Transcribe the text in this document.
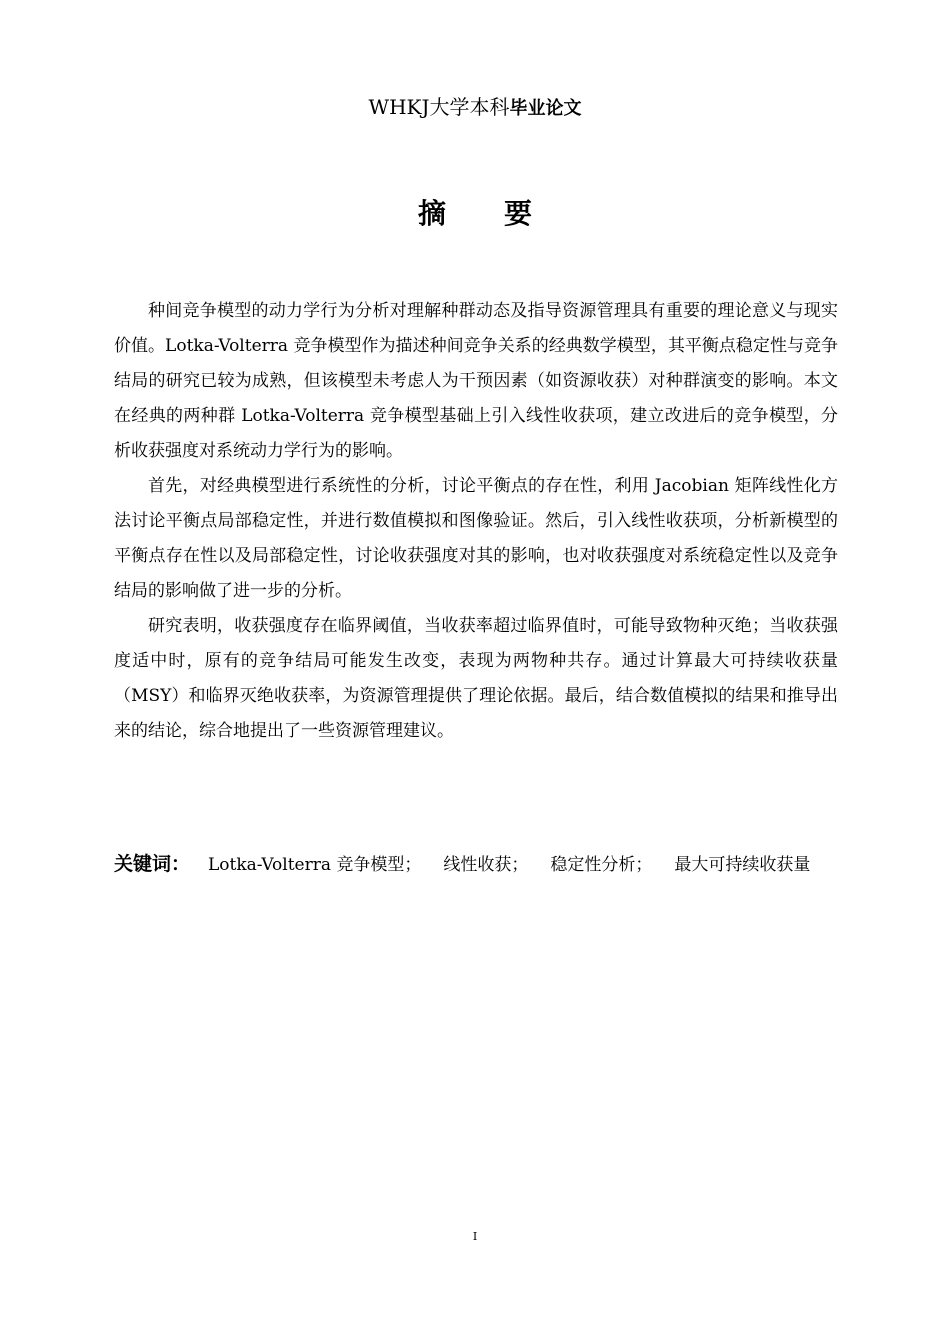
WHKJ大学本科毕业论文
摘要

种间竞争模型的动力学行为分析对理解种群动态及指导资源管理具有重要的理论意义与现实价值。Lotka-Volterra 竞争模型作为描述种间竞争关系的经典数学模型，其平衡点稳定性与竞争结局的研究已较为成熟，但该模型未考虑人为干预因素（如资源收获）对种群演变的影响。本文在经典的两种群 Lotka-Volterra 竞争模型基础上引入线性收获项，建立改进后的竞争模型，分析收获强度对系统动力学行为的影响。

首先，对经典模型进行系统性的分析，讨论平衡点的存在性，利用 Jacobian 矩阵线性化方法讨论平衡点局部稳定性，并进行数值模拟和图像验证。然后，引入线性收获项，分析新模型的平衡点存在性以及局部稳定性，讨论收获强度对其的影响，也对收获强度对系统稳定性以及竞争结局的影响做了进一步的分析。

研究表明，收获强度存在临界阈值，当收获率超过临界值时，可能导致物种灭绝；当收获强度适中时，原有的竞争结局可能发生改变，表现为两物种共存。通过计算最大可持续收获量（MSY）和临界灭绝收获率，为资源管理提供了理论依据。最后，结合数值模拟的结果和推导出来的结论，综合地提出了一些资源管理建议。

关键词： Lotka-Volterra 竞争模型； 线性收获； 稳定性分析； 最大可持续收获量
I
